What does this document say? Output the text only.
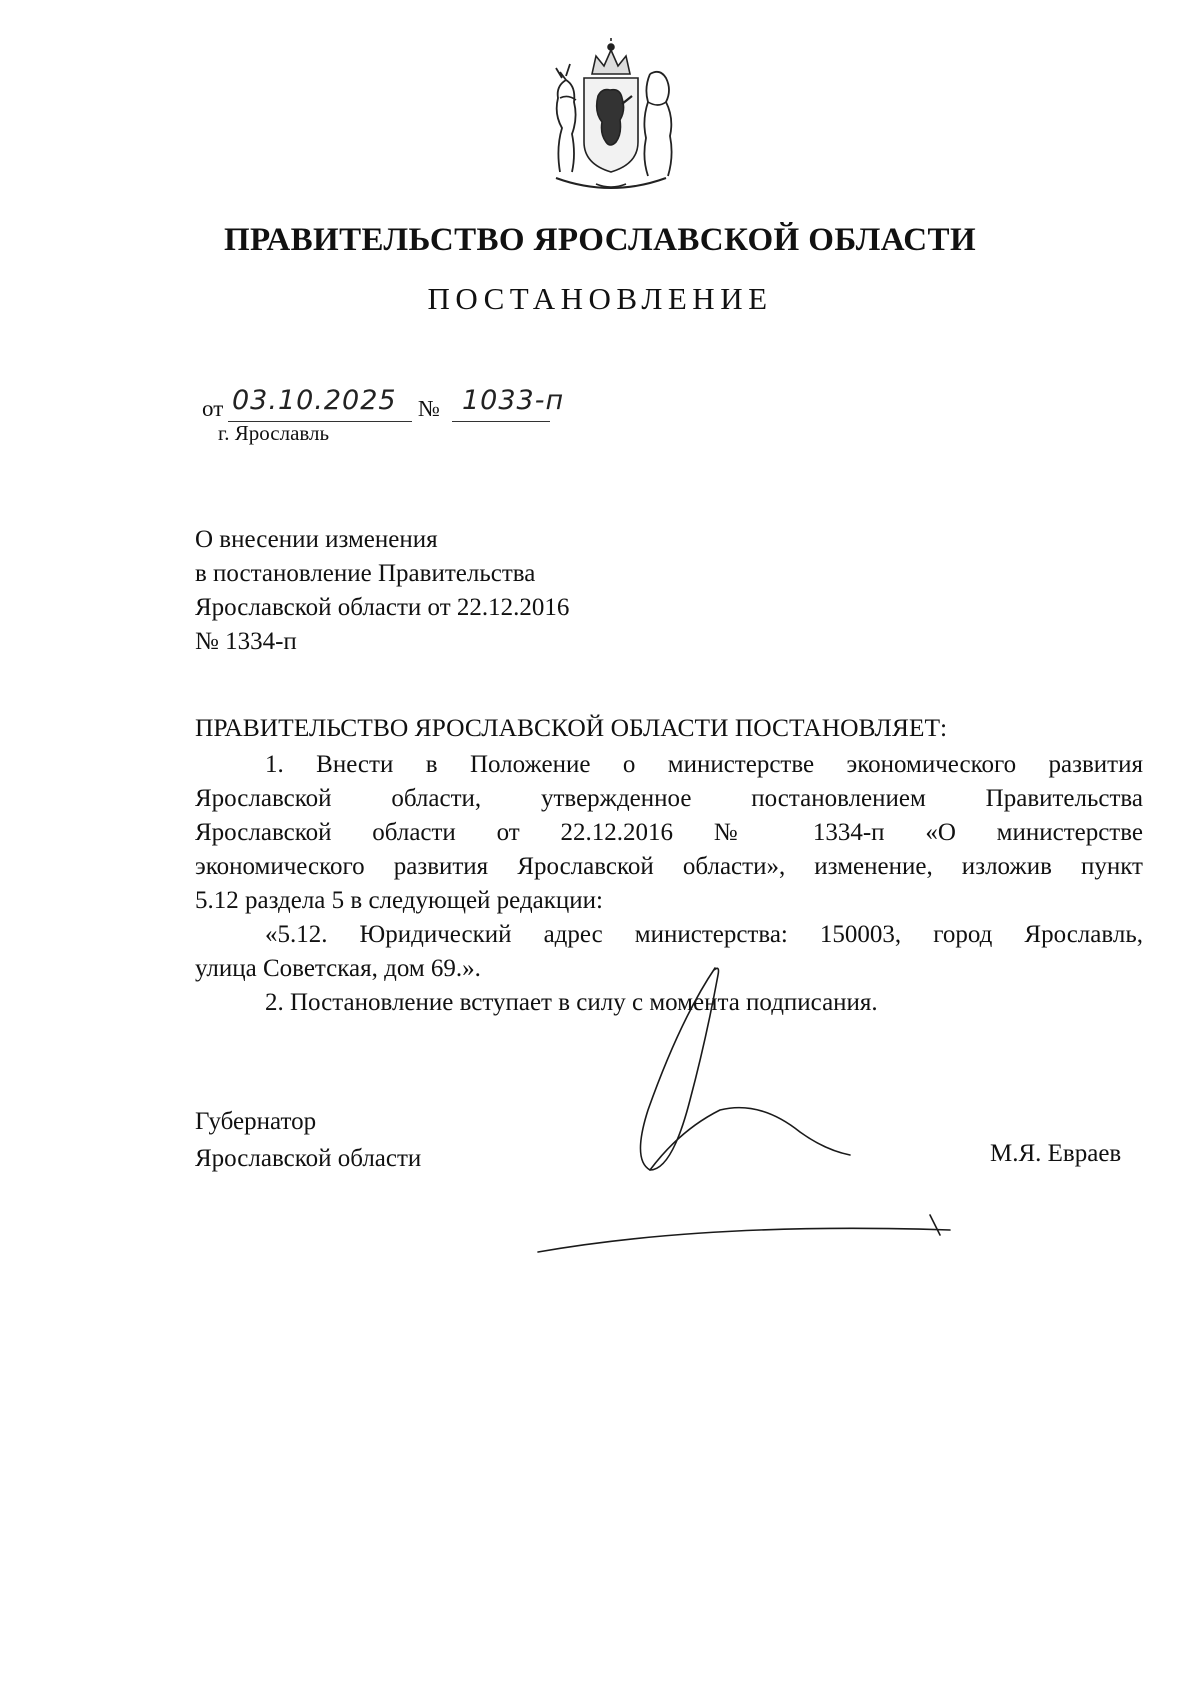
ПРАВИТЕЛЬСТВО ЯРОСЛАВСКОЙ ОБЛАСТИ
ПОСТАНОВЛЕНИЕ
от 03.10.2025 № 1033-п
г. Ярославль
О внесении изменения
в постановление Правительства
Ярославской области от 22.12.2016
№ 1334-п
ПРАВИТЕЛЬСТВО ЯРОСЛАВСКОЙ ОБЛАСТИ ПОСТАНОВЛЯЕТ:
1. Внести в Положение о министерстве экономического развития
Ярославской области, утвержденное постановлением Правительства
Ярославской области от 22.12.2016 № 1334-п «О министерстве
экономического развития Ярославской области», изменение, изложив пункт
5.12 раздела 5 в следующей редакции:
«5.12. Юридический адрес министерства: 150003, город Ярославль,
улица Советская, дом 69.».
2. Постановление вступает в силу с момента подписания.
Губернатор
Ярославской области	М.Я. Евраев
